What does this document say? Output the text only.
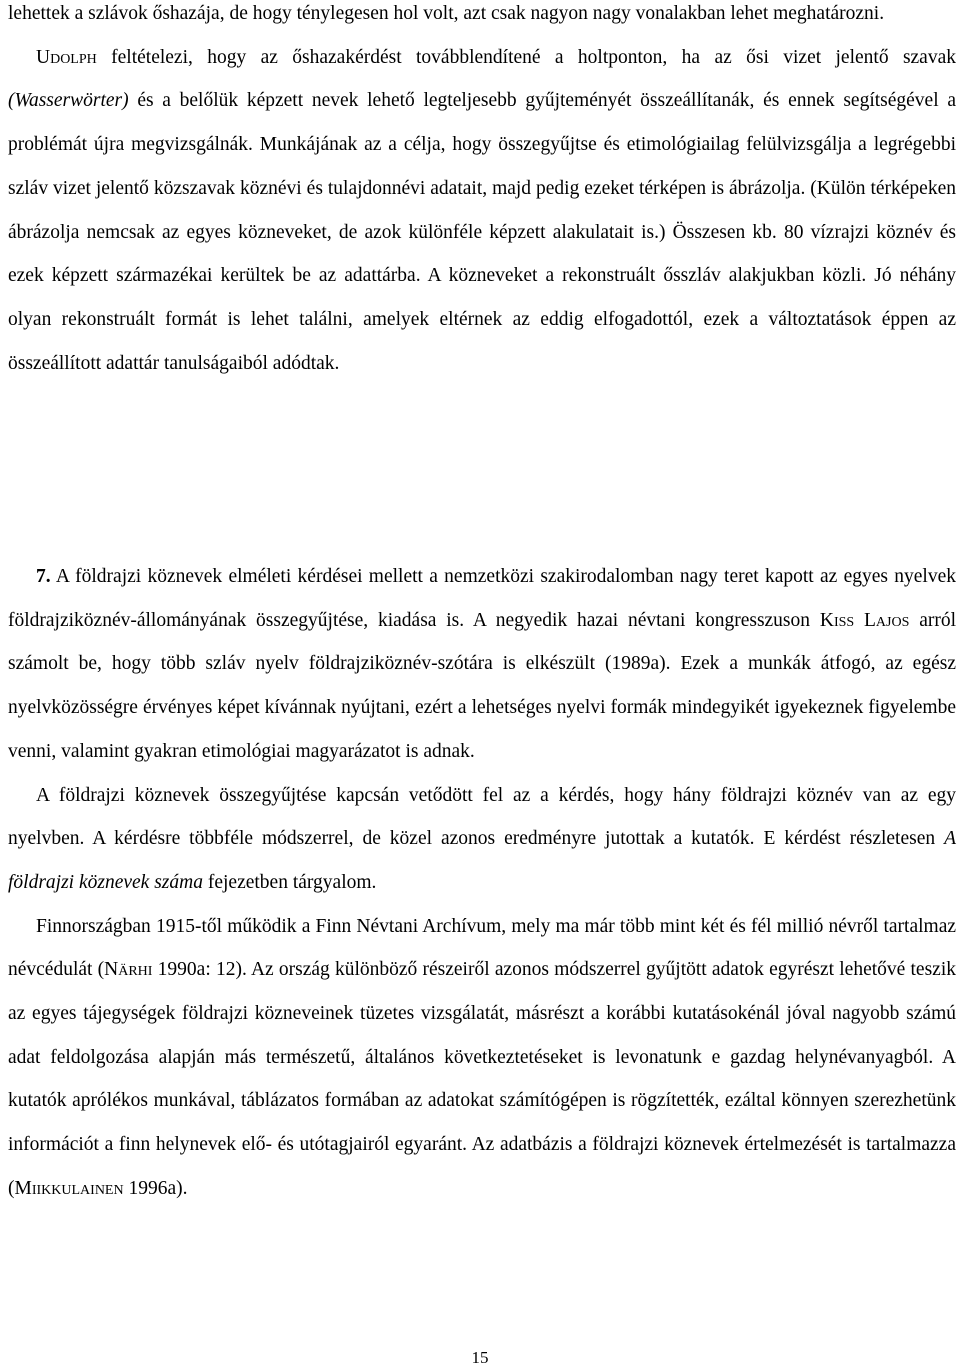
lehettek a szlávok őshazája, de hogy ténylegesen hol volt, azt csak nagyon nagy vonalakban lehet meghatározni.

Udolph feltételezi, hogy az őshazakérdést továbblendítené a holtponton, ha az ősi vizet jelentő szavak (Wasserwörter) és a belőlük képzett nevek lehető legteljesebb gyűjteményét összeállítanák, és ennek segítségével a problémát újra megvizsgálnák. Munkájának az a célja, hogy összegyűjtse és etimológiailag felülvizsgálja a legrégebbi szláv vizet jelentő közszavak köznévi és tulajdonnévi adatait, majd pedig ezeket térképen is ábrázolja. (Külön térképeken ábrázolja nemcsak az egyes közneveket, de azok különféle képzett alakulatait is.) Összesen kb. 80 vízrajzi köznév és ezek képzett származékai kerültek be az adattárba. A közneveket a rekonstruált ősszláv alakjukban közli. Jó néhány olyan rekonstruált formát is lehet találni, amelyek eltérnek az eddig elfogadottól, ezek a változtatások éppen az összeállított adattár tanulságaiból adódtak.

7. A földrajzi köznevek elméleti kérdései mellett a nemzetközi szakirodalomban nagy teret kapott az egyes nyelvek földrajziköznév-állományának összegyűjtése, kiadása is. A negyedik hazai névtani kongresszuson Kiss Lajos arról számolt be, hogy több szláv nyelv földrajziköznév-szótára is elkészült (1989a). Ezek a munkák átfogó, az egész nyelvközösségre érvényes képet kívánnak nyújtani, ezért a lehetséges nyelvi formák mindegyikét igyekeznek figyelembe venni, valamint gyakran etimológiai magyarázatot is adnak.

A földrajzi köznevek összegyűjtése kapcsán vetődött fel az a kérdés, hogy hány földrajzi köznév van az egy nyelvben. A kérdésre többféle módszerrel, de közel azonos eredményre jutottak a kutatók. E kérdést részletesen A földrajzi köznevek száma fejezetben tárgyalom.

Finnországban 1915-től működik a Finn Névtani Archívum, mely ma már több mint két és fél millió névről tartalmaz névcédulát (Närhi 1990a: 12). Az ország különböző részeiről azonos módszerrel gyűjtött adatok egyrészt lehetővé teszik az egyes tájegységek földrajzi közneveinek tüzetes vizsgálatát, másrészt a korábbi kutatásokénál jóval nagyobb számú adat feldolgozása alapján más természetű, általános következtetéseket is levonatunk e gazdag helynévanyagból. A kutatók aprólékos munkával, táblázatos formában az adatokat számítógépen is rögzítették, ezáltal könnyen szerezhetünk információt a finn helynevek elő- és utótagjairól egyaránt. Az adatbázis a földrajzi köznevek értelmezését is tartalmazza (Miikkulainen 1996a).

15
